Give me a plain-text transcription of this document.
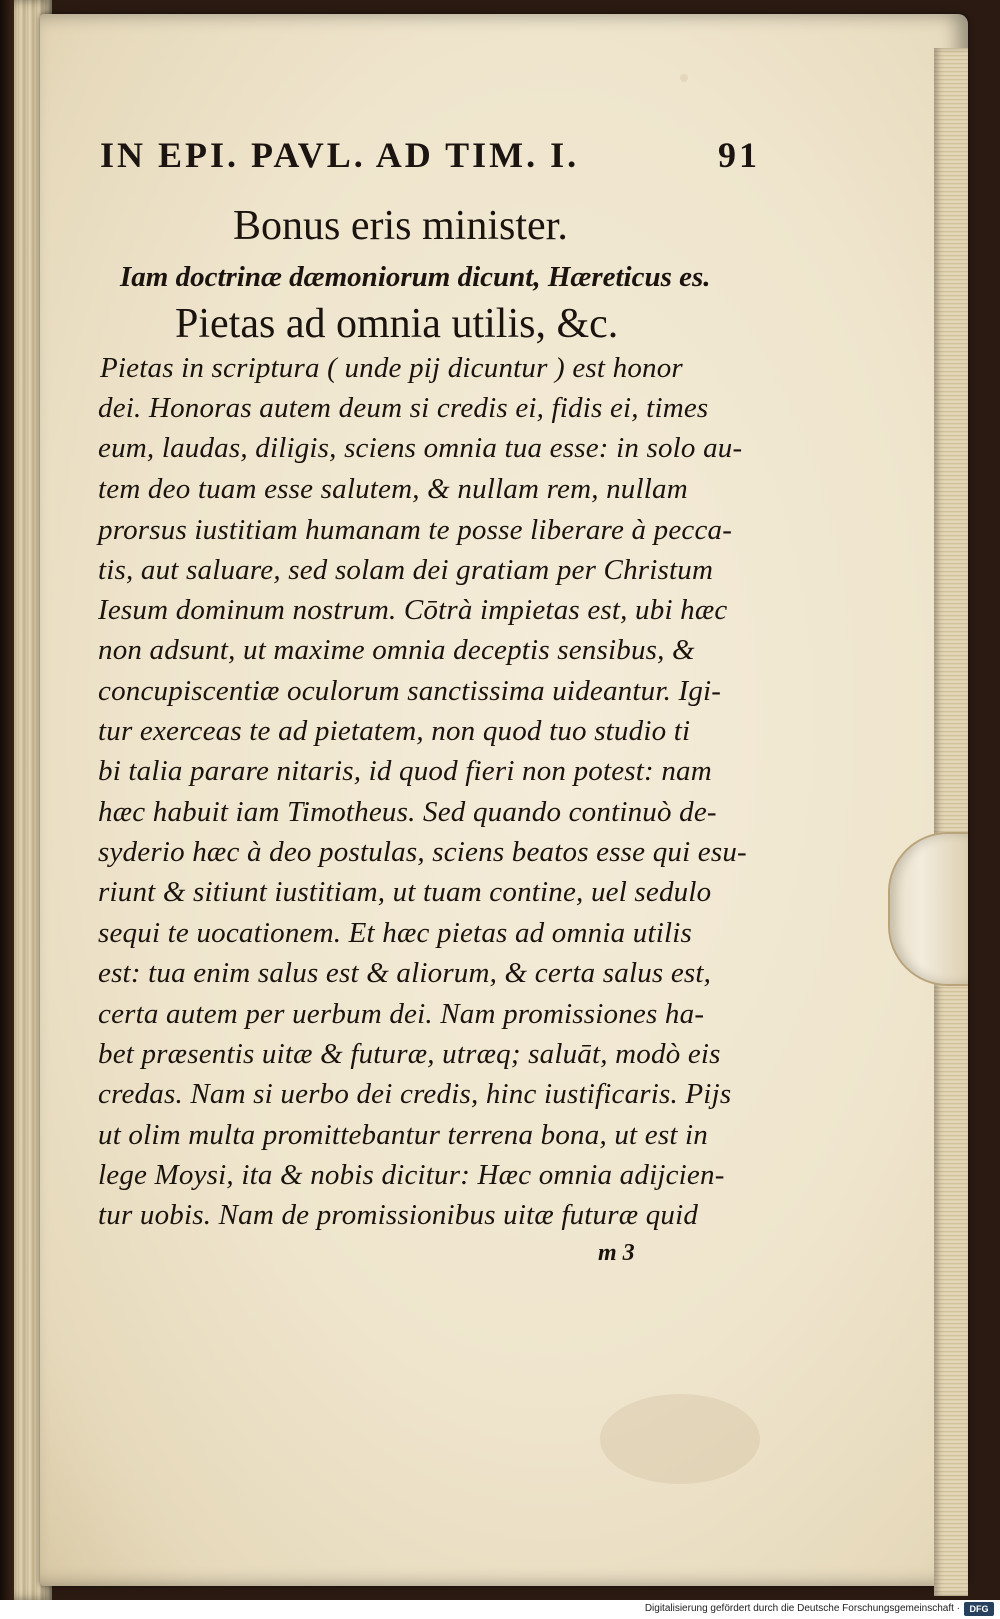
IN EPI. PAVL. AD TIM. I.	91
Bonus eris minister.
Iam doctrinæ dæmoniorum dicunt, Hæreticus es.
Pietas ad omnia utilis, &c.
Pietas in scriptura ( unde pij dicuntur ) est honor
dei. Honoras autem deum si credis ei, fidis ei, times
eum, laudas, diligis, sciens omnia tua esse: in solo au-
tem deo tuam esse salutem, & nullam rem, nullam
prorsus iustitiam humanam te posse liberare à pecca-
tis, aut saluare, sed solam dei gratiam per Christum
Iesum dominum nostrum. Cōtrà impietas est, ubi hæc
non adsunt, ut maxime omnia deceptis sensibus, &
concupiscentiæ oculorum sanctissima uideantur. Igi-
tur exerceas te ad pietatem, non quod tuo studio ti
bi talia parare nitaris, id quod fieri non potest: nam
hæc habuit iam Timotheus. Sed quando continuò de-
syderio hæc à deo postulas, sciens beatos esse qui esu-
riunt & sitiunt iustitiam, ut tuam contine, uel sedulo
sequi te uocationem. Et hæc pietas ad omnia utilis
est: tua enim salus est & aliorum, & certa salus est,
certa autem per uerbum dei. Nam promissiones ha-
bet præsentis uitæ & futuræ, utræq; saluāt, modò eis
credas. Nam si uerbo dei credis, hinc iustificaris. Pijs
ut olim multa promittebantur terrena bona, ut est in
lege Moysi, ita & nobis dicitur: Hæc omnia adijcien-
tur uobis. Nam de promissionibus uitæ futuræ quid
m 3
Digitalisierung gefördert durch die Deutsche Forschungsgemeinschaft ·	DFG
